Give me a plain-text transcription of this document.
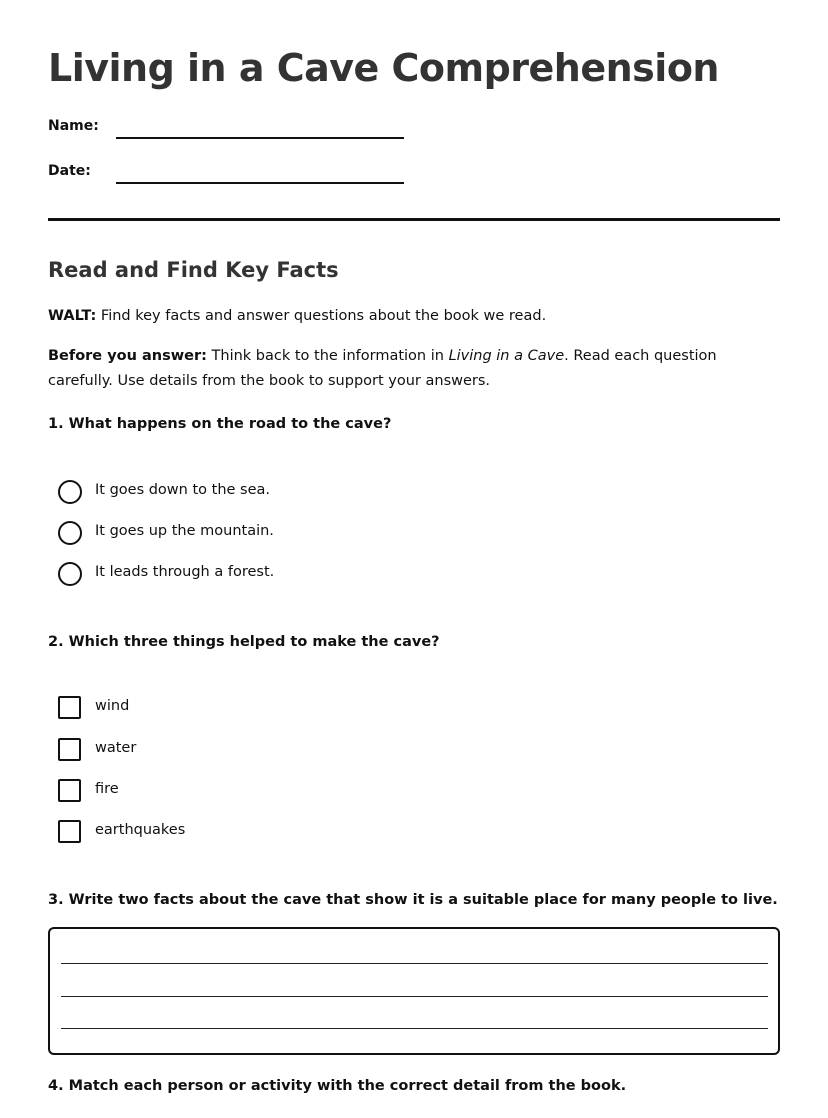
Living in a Cave Comprehension
Name:
Date:
Read and Find Key Facts

WALT: Find key facts and answer questions about the book we read.

Before you answer: Think back to the information in Living in a Cave. Read each question carefully. Use details from the book to support your answers.

1. What happens on the road to the cave?
It goes down to the sea.
It goes up the mountain.
It leads through a forest.
2. Which three things helped to make the cave?
wind
water
fire
earthquakes
3. Write two facts about the cave that show it is a suitable place for many people to live.
4. Match each person or activity with the correct detail from the book.
